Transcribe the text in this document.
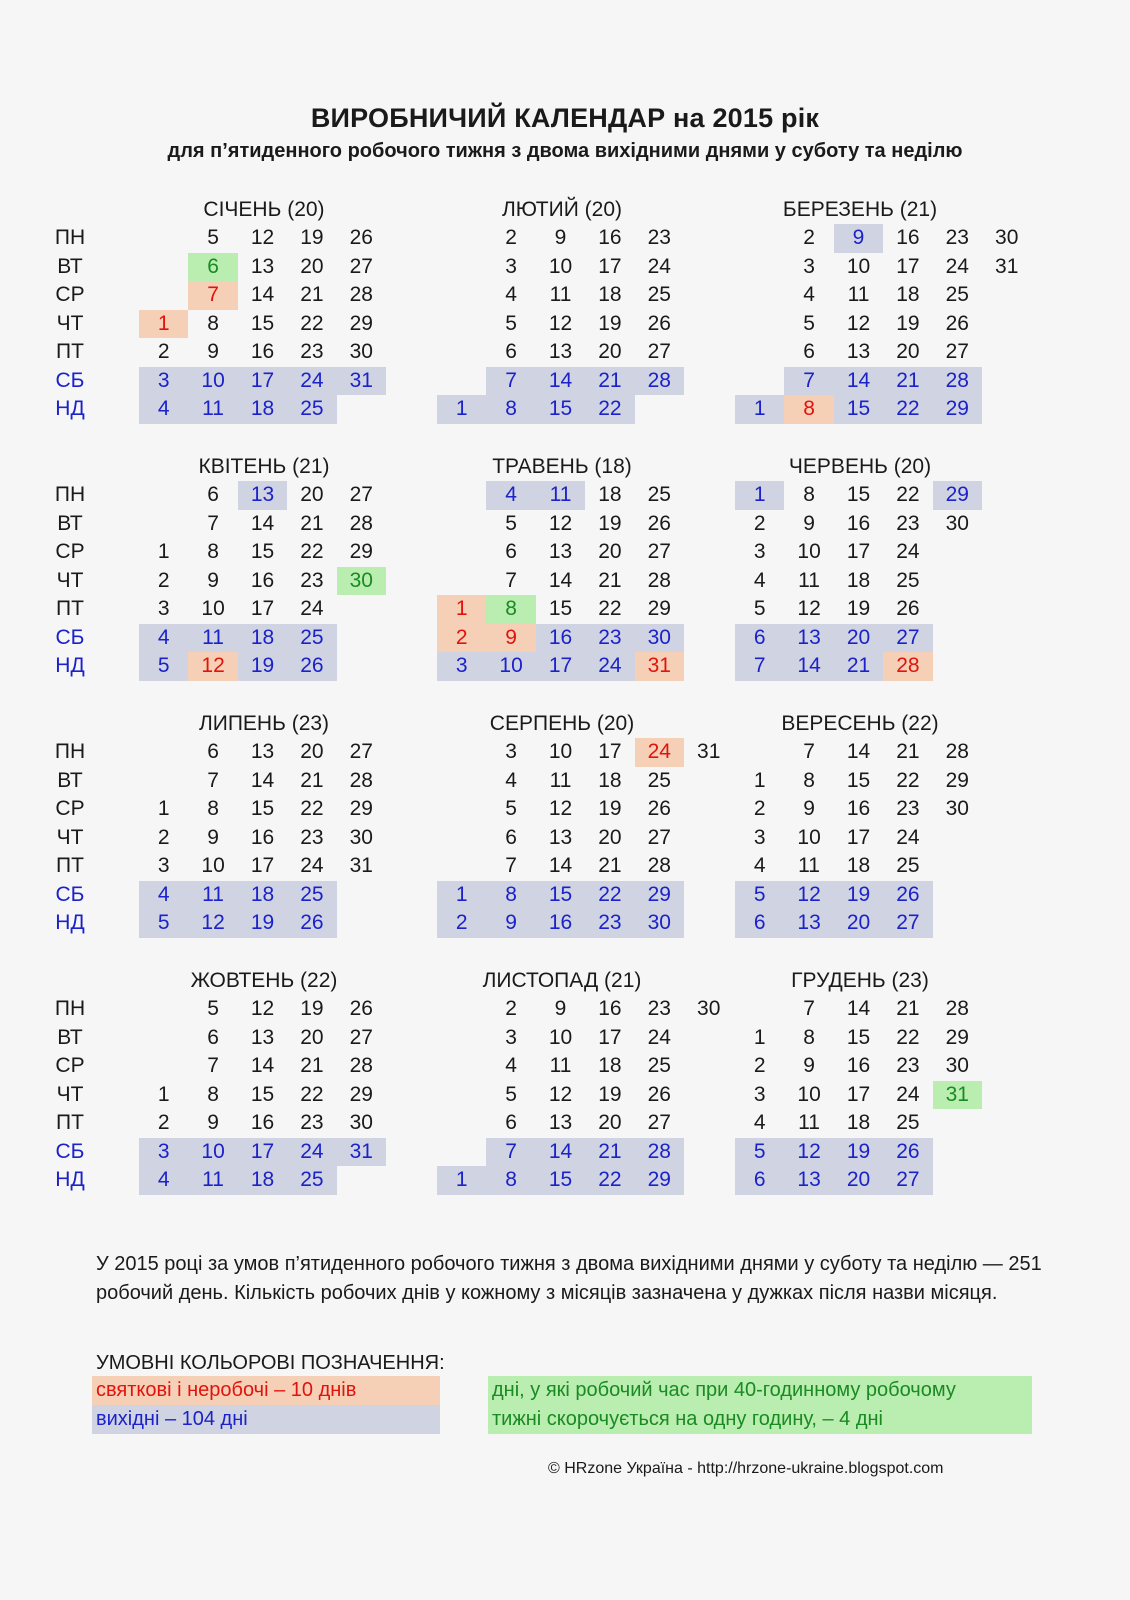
ВИРОБНИЧИЙ КАЛЕНДАР на 2015 рік
для п’ятиденного робочого тижня з двома вихідними днями у суботу та неділю
ПН
ВТ
СР
ЧТ
ПТ
СБ
НД
ПН
ВТ
СР
ЧТ
ПТ
СБ
НД
ПН
ВТ
СР
ЧТ
ПТ
СБ
НД
ПН
ВТ
СР
ЧТ
ПТ
СБ
НД
СІЧЕНЬ (20)
1
2
3
4
5
6
7
8
9
10
11
12
13
14
15
16
17
18
19
20
21
22
23
24
25
26
27
28
29
30
31
ЛЮТИЙ (20)
1
2
3
4
5
6
7
8
9
10
11
12
13
14
15
16
17
18
19
20
21
22
23
24
25
26
27
28
БЕРЕЗЕНЬ (21)
1
2
3
4
5
6
7
8
9
10
11
12
13
14
15
16
17
18
19
20
21
22
23
24
25
26
27
28
29
30
31
КВІТЕНЬ (21)
1
2
3
4
5
6
7
8
9
10
11
12
13
14
15
16
17
18
19
20
21
22
23
24
25
26
27
28
29
30
ТРАВЕНЬ (18)
1
2
3
4
5
6
7
8
9
10
11
12
13
14
15
16
17
18
19
20
21
22
23
24
25
26
27
28
29
30
31
ЧЕРВЕНЬ (20)
1
2
3
4
5
6
7
8
9
10
11
12
13
14
15
16
17
18
19
20
21
22
23
24
25
26
27
28
29
30
ЛИПЕНЬ (23)
1
2
3
4
5
6
7
8
9
10
11
12
13
14
15
16
17
18
19
20
21
22
23
24
25
26
27
28
29
30
31
СЕРПЕНЬ (20)
1
2
3
4
5
6
7
8
9
10
11
12
13
14
15
16
17
18
19
20
21
22
23
24
25
26
27
28
29
30
31
ВЕРЕСЕНЬ (22)
1
2
3
4
5
6
7
8
9
10
11
12
13
14
15
16
17
18
19
20
21
22
23
24
25
26
27
28
29
30
ЖОВТЕНЬ (22)
1
2
3
4
5
6
7
8
9
10
11
12
13
14
15
16
17
18
19
20
21
22
23
24
25
26
27
28
29
30
31
ЛИСТОПАД (21)
1
2
3
4
5
6
7
8
9
10
11
12
13
14
15
16
17
18
19
20
21
22
23
24
25
26
27
28
29
30
ГРУДЕНЬ (23)
1
2
3
4
5
6
7
8
9
10
11
12
13
14
15
16
17
18
19
20
21
22
23
24
25
26
27
28
29
30
31
У 2015 році за умов п’ятиденного робочого тижня з двома вихідними днями у суботу та неділю — 251 робочий день. Кількість робочих днів у кожному з місяців зазначена у дужках після назви місяця.
УМОВНІ КОЛЬОРОВІ ПОЗНАЧЕННЯ:
святкові і неробочі – 10 днів
вихідні – 104 дні
дні, у які робочий час при 40-годинному робочому
тижні скорочується на одну годину, – 4 дні
© HRzone Україна - http://hrzone-ukraine.blogspot.com
